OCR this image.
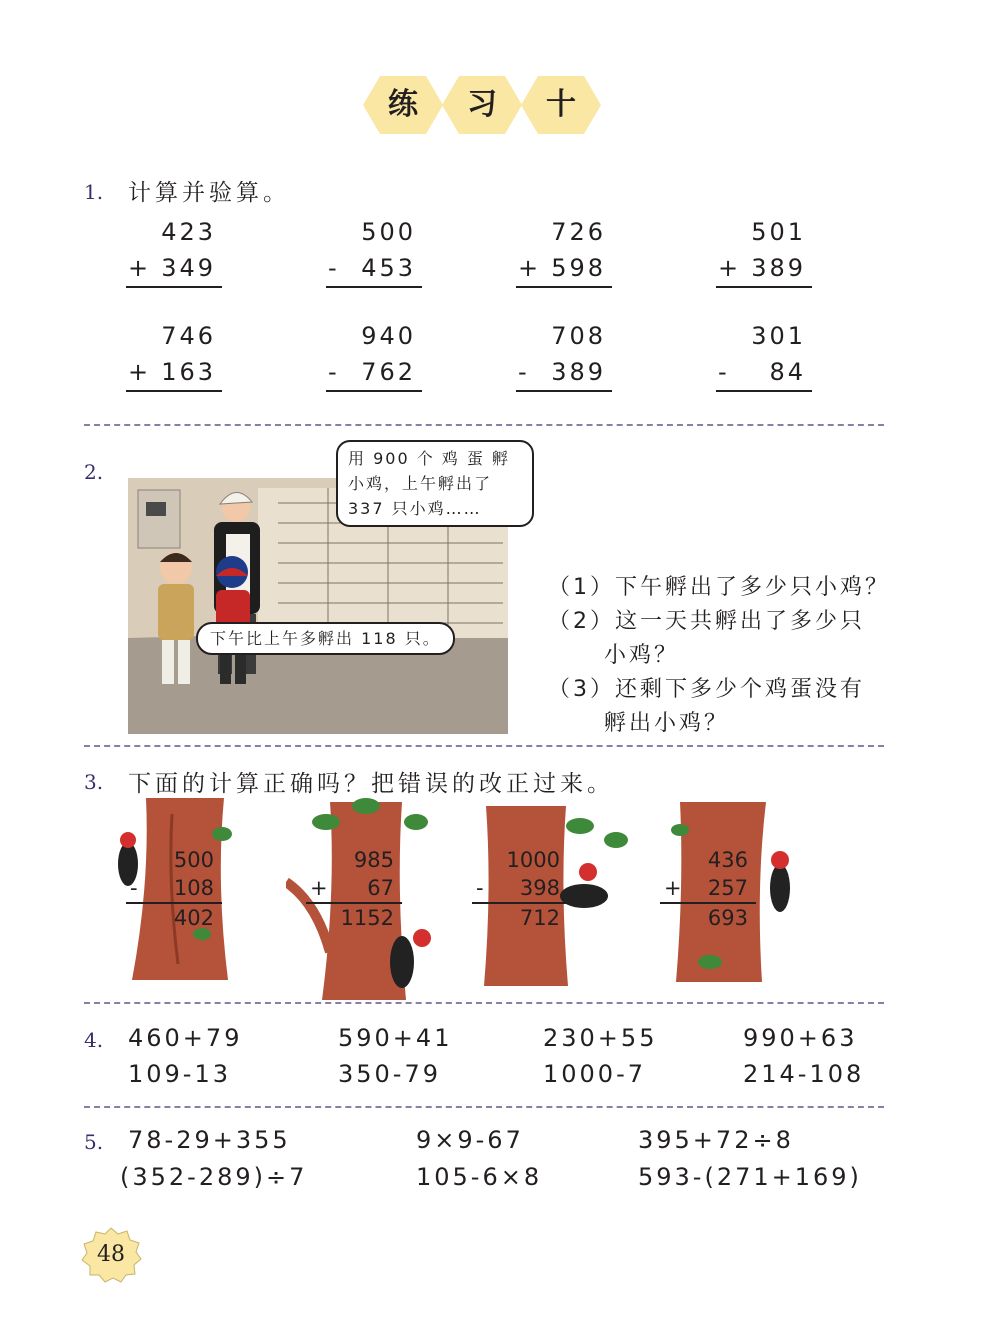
练	习	十
1. 计算并验算。
423
+ 349
500
- 453
726
+ 598
501
+ 389
746
+ 163
940
- 762
708
- 389
301
- 84
2.
用 900 个 鸡 蛋 孵
小鸡，上午孵出了
337 只小鸡……
下午比上午多孵出 118 只。
（1）下午孵出了多少只小鸡？
（2）这一天共孵出了多少只
小鸡？
（3）还剩下多少个鸡蛋没有
孵出小鸡？
3. 下面的计算正确吗？把错误的改正过来。
500
- 108
402
985
+ 67
1152
1000
- 398
712
436
+ 257
693
4. 460+79	590+41	230+55	990+63
109-13	350-79	1000-7	214-108
5. 78-29+355	9×9-67	395+72÷8
(352-289)÷7	105-6×8	593-(271+169)
48
